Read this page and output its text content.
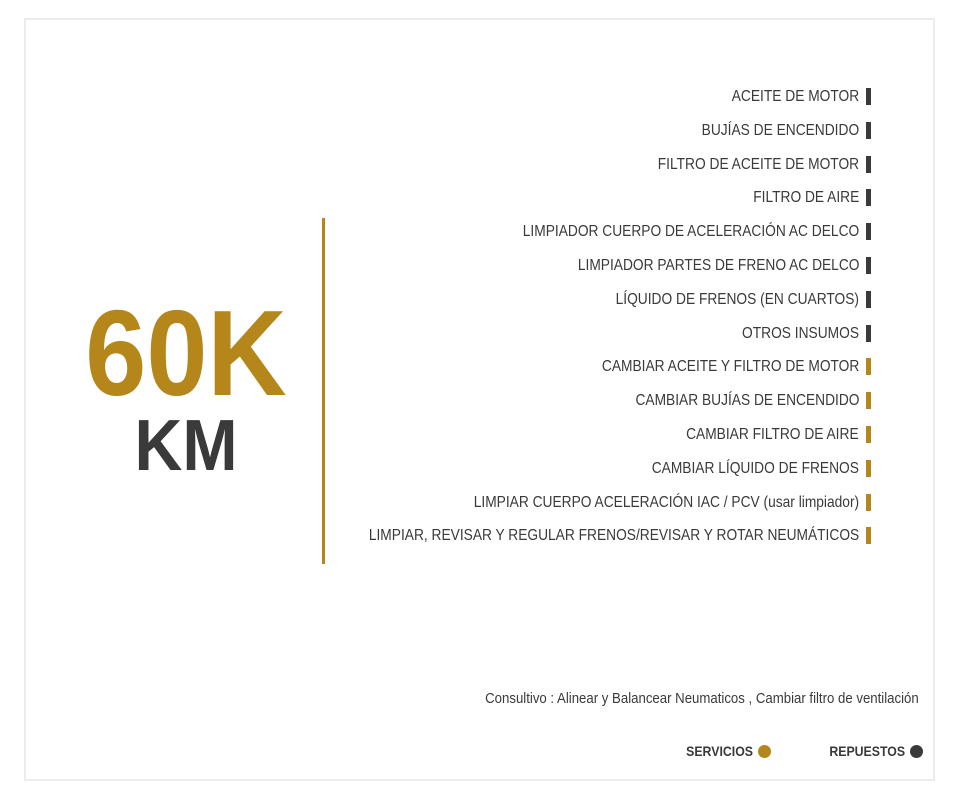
60K
KM
ACEITE DE MOTOR
BUJÍAS DE ENCENDIDO
FILTRO DE ACEITE DE MOTOR
FILTRO DE AIRE
LIMPIADOR CUERPO DE ACELERACIÓN AC DELCO
LIMPIADOR PARTES DE FRENO AC DELCO
LÍQUIDO DE FRENOS (EN CUARTOS)
OTROS INSUMOS
CAMBIAR ACEITE Y FILTRO DE MOTOR
CAMBIAR BUJÍAS DE ENCENDIDO
CAMBIAR FILTRO DE AIRE
CAMBIAR LÍQUIDO DE FRENOS
LIMPIAR CUERPO ACELERACIÓN IAC / PCV (usar limpiador)
LIMPIAR, REVISAR Y REGULAR FRENOS/REVISAR Y ROTAR NEUMÁTICOS
Consultivo : Alinear y Balancear Neumaticos , Cambiar filtro de ventilación
SERVICIOS	REPUESTOS
